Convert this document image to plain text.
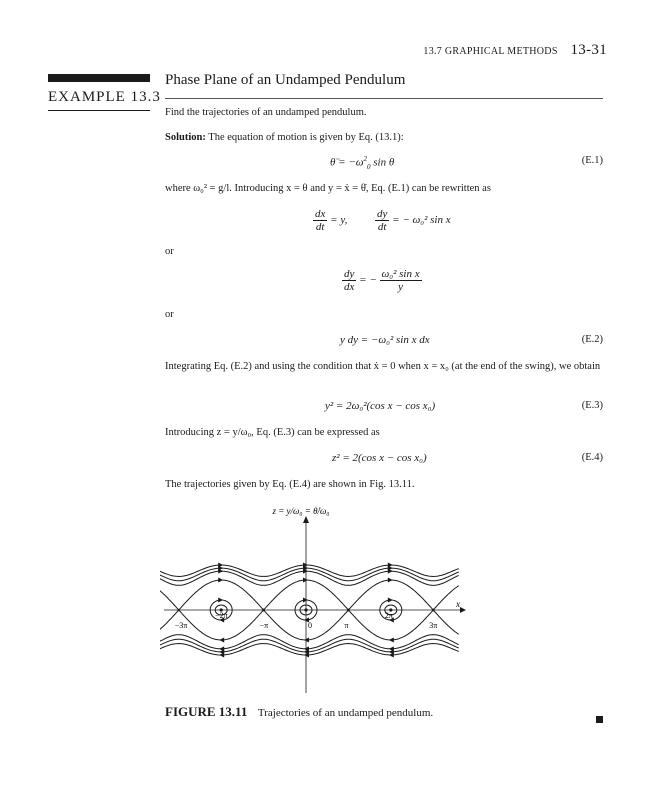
13.7 GRAPHICAL METHODS 13-31
EXAMPLE 13.3
Phase Plane of an Undamped Pendulum
Find the trajectories of an undamped pendulum.
Solution: The equation of motion is given by Eq. (13.1):
θ̈ = $-\omega^2_0$ sin θ	(E.1)
where ω₀² = g/l. Introducing x = θ and y = ẋ = θ̇, Eq. (E.1) can be rewritten as
$\frac{dx}{dt} = y$,	$\frac{dy}{dt}$ = − ω₀² sin x
or
$\frac{dy}{dx}$ = − $\frac{\text{ω₀² sin x}}{y}$
or
y dy = −ω₀² sin x dx	(E.2)
Integrating Eq. (E.2) and using the condition that ẋ = 0 when x = x₀ (at the end of the swing), we obtain
y² = 2ω₀²(cos x − cos x₀)	(E.3)
Introducing z = y/ω₀, Eq. (E.3) can be expressed as
z² = 2(cos x − cos x₀)	(E.4)
The trajectories given by Eq. (E.4) are shown in Fig. 13.11.
z = y/ω₀ = θ̇/ω₀
x
−3π
−2π
−π	0	π
2π
3π
FIGURE 13.11 Trajectories of an undamped pendulum.
